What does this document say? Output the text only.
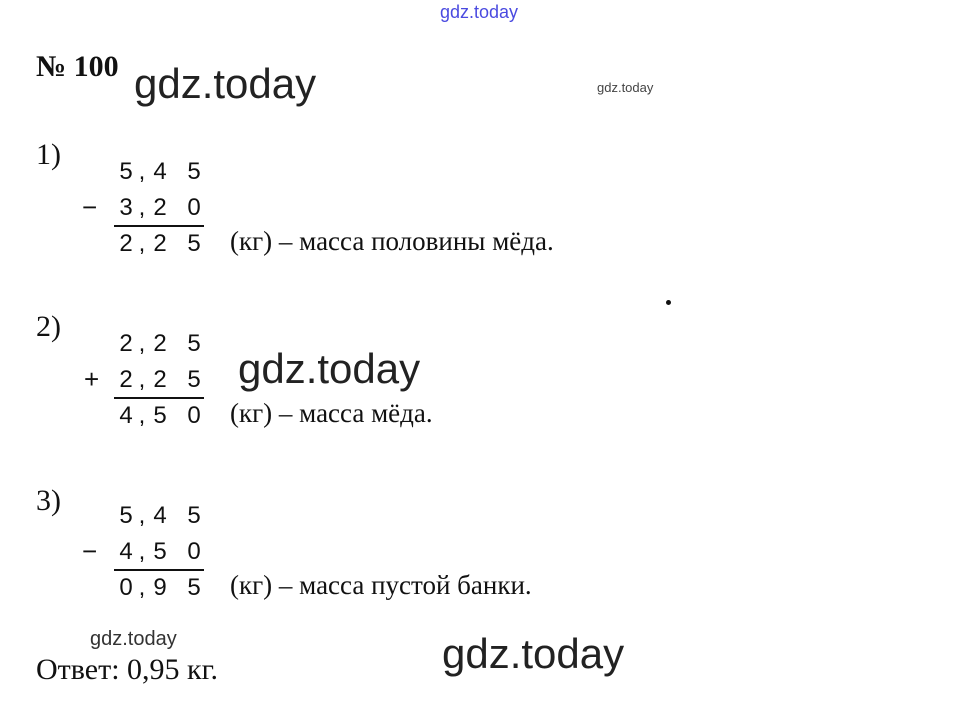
gdz.today
gdz.today	gdz.today
gdz.today
gdz.today	gdz.today
№ 100
1)
−
5 , 4 5
3 , 2 0
2 , 2 5 (кг) – масса половины мёда.
2)
+
2 , 2 5
2 , 2 5
4 , 5 0 (кг) – масса мёда.
3)
−
5 , 4 5
4 , 5 0
0 , 9 5 (кг) – масса пустой банки.
Ответ: 0,95 кг.
